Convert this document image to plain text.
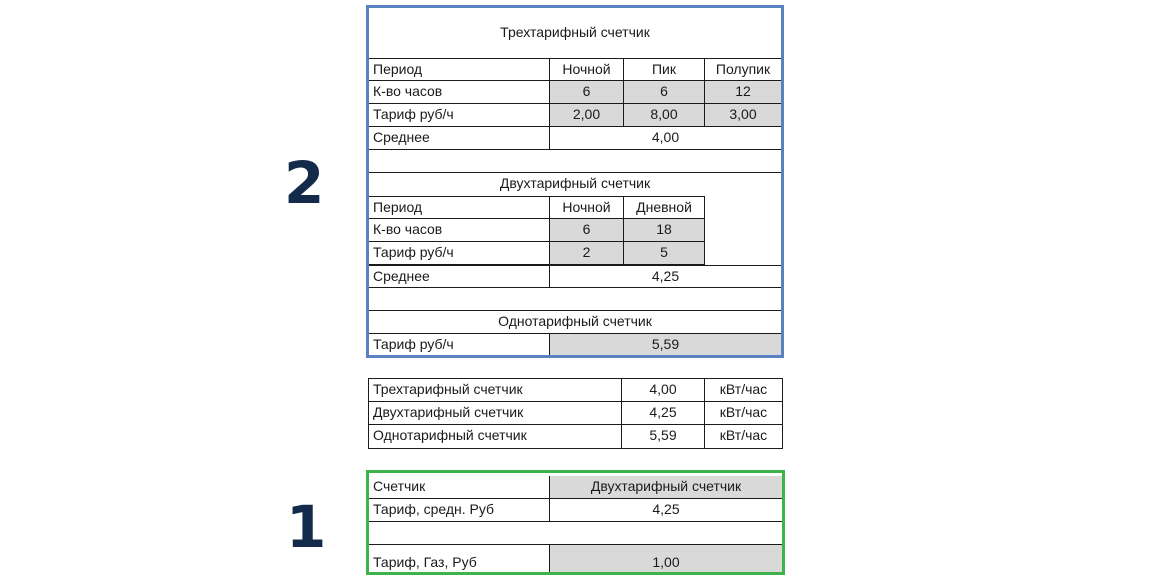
2
1
Трехтарифный счетчик
Период	Ночной	Пик	Полупик
К-во часов	6	6	12
Тариф руб/ч	2,00	8,00	3,00
Среднее	4,00
Двухтарифный счетчик
Период	Ночной	Дневной
К-во часов	6	18
Тариф руб/ч	2	5
Среднее	4,25
Однотарифный счетчик
Тариф руб/ч	5,59
Трехтарифный счетчик	4,00	кВт/час
Двухтарифный счетчик	4,25	кВт/час
Однотарифный счетчик	5,59	кВт/час
Счетчик	Двухтарифный счетчик
Тариф, средн. Руб	4,25
Тариф, Газ, Руб	1,00
